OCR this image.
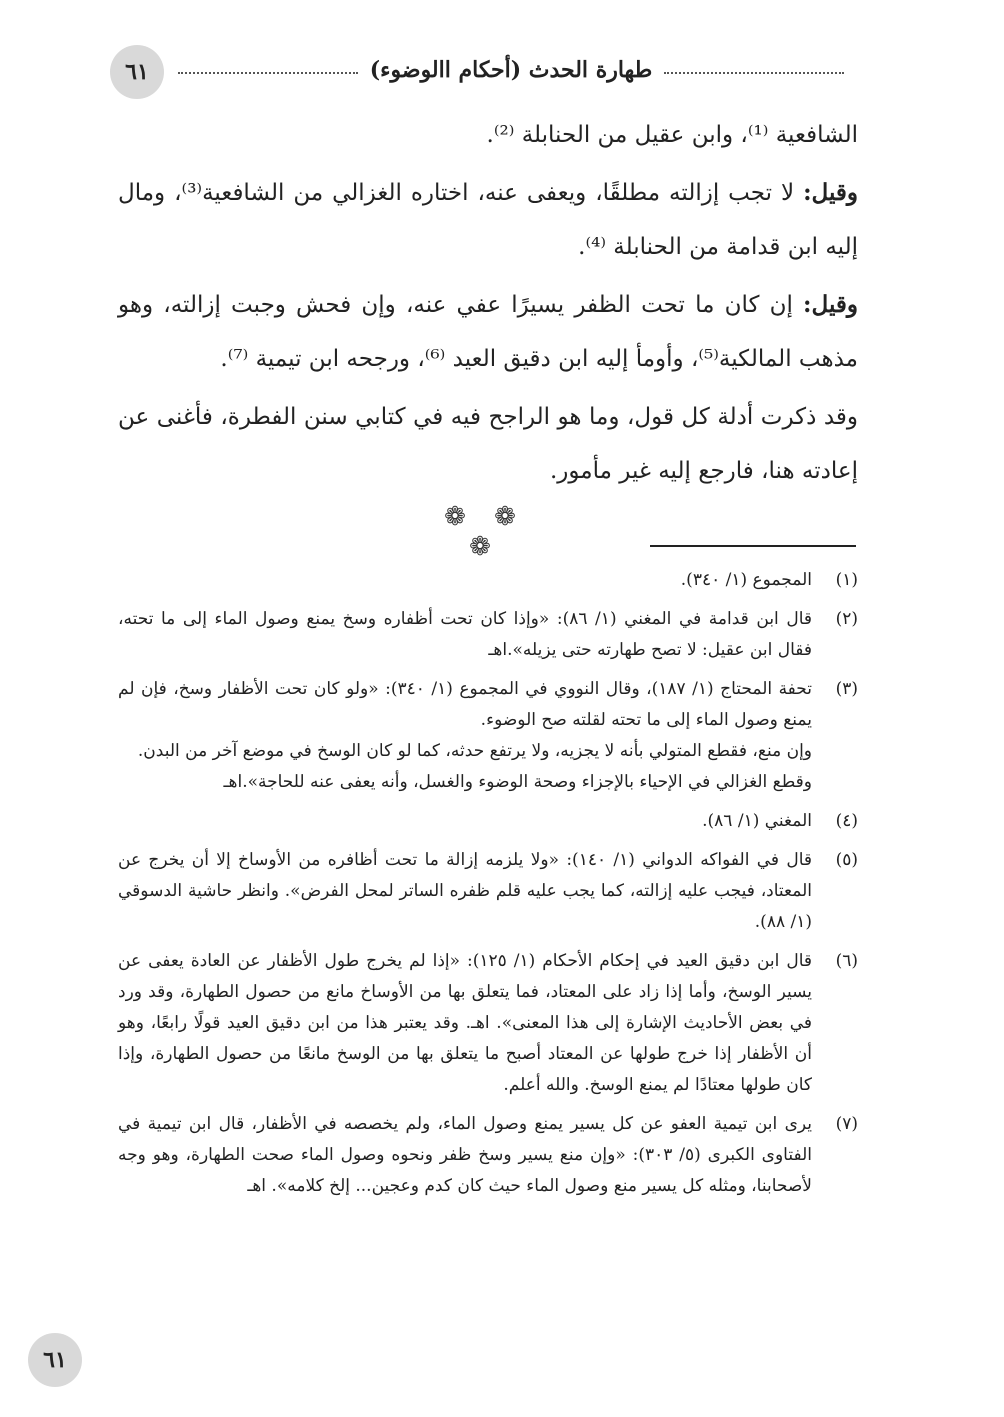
٦١	طهارة الحدث (أحكام االوضوء)

الشافعية ⁽¹⁾، وابن عقيل من الحنابلة ⁽²⁾.

وقيل: لا تجب إزالته مطلقًا، ويعفى عنه، اختاره الغزالي من الشافعية⁽³⁾، ومال إليه ابن قدامة من الحنابلة ⁽⁴⁾.

وقيل: إن كان ما تحت الظفر يسيرًا عفي عنه، وإن فحش وجبت إزالته، وهو مذهب المالكية⁽⁵⁾، وأومأ إليه ابن دقيق العيد ⁽⁶⁾، ورجحه ابن تيمية ⁽⁷⁾.

وقد ذكرت أدلة كل قول، وما هو الراجح فيه في كتابي سنن الفطرة، فأغنى عن إعادته هنا، فارجع إليه غير مأمور.

❁ ❁ ❁
(١)
المجموع (١/ ٣٤٠).
(٢)
قال ابن قدامة في المغني (١/ ٨٦): «وإذا كان تحت أظفاره وسخ يمنع وصول الماء إلى ما تحته، فقال ابن عقيل: لا تصح طهارته حتى يزيله».اهـ
(٣)
تحفة المحتاج (١/ ١٨٧)، وقال النووي في المجموع (١/ ٣٤٠): «ولو كان تحت الأظفار وسخ، فإن لم يمنع وصول الماء إلى ما تحته لقلته صح الوضوء.
وإن منع، فقطع المتولي بأنه لا يجزيه، ولا يرتفع حدثه، كما لو كان الوسخ في موضع آخر من البدن.
وقطع الغزالي في الإحياء بالإجزاء وصحة الوضوء والغسل، وأنه يعفى عنه للحاجة».اهـ
(٤)
المغني (١/ ٨٦).
(٥)
قال في الفواكه الدواني (١/ ١٤٠): «ولا يلزمه إزالة ما تحت أظافره من الأوساخ إلا أن يخرج عن المعتاد، فيجب عليه إزالته، كما يجب عليه قلم ظفره الساتر لمحل الفرض». وانظر حاشية الدسوقي (١/ ٨٨).
(٦)
قال ابن دقيق العيد في إحكام الأحكام (١/ ١٢٥): «إذا لم يخرج طول الأظفار عن العادة يعفى عن يسير الوسخ، وأما إذا زاد على المعتاد، فما يتعلق بها من الأوساخ مانع من حصول الطهارة، وقد ورد في بعض الأحاديث الإشارة إلى هذا المعنى». اهـ. وقد يعتبر هذا من ابن دقيق العيد قولًا رابعًا، وهو أن الأظفار إذا خرج طولها عن المعتاد أصبح ما يتعلق بها من الوسخ مانعًا من حصول الطهارة، وإذا كان طولها معتادًا لم يمنع الوسخ. والله أعلم.
(٧)
يرى ابن تيمية العفو عن كل يسير يمنع وصول الماء، ولم يخصصه في الأظفار، قال ابن تيمية في الفتاوى الكبرى (٥/ ٣٠٣): «وإن منع يسير وسخ ظفر ونحوه وصول الماء صحت الطهارة، وهو وجه لأصحابنا، ومثله كل يسير منع وصول الماء حيث كان كدم وعجين... إلخ كلامه». اهـ
٦١
